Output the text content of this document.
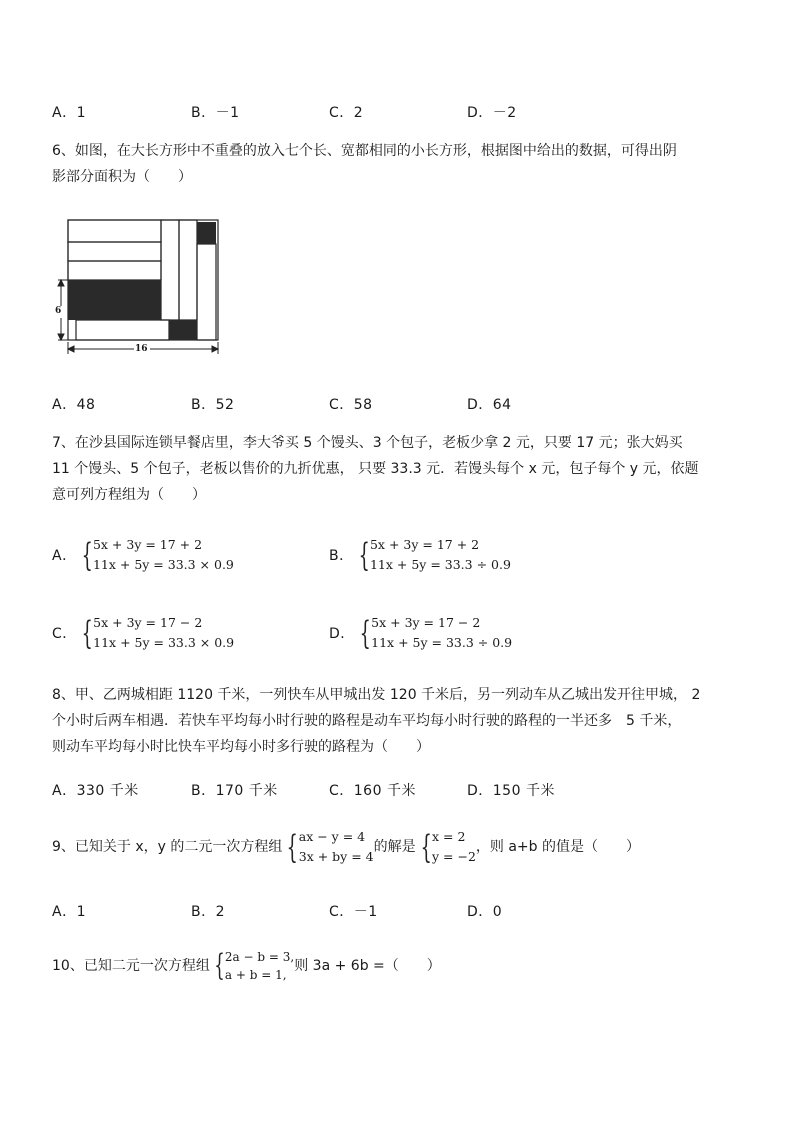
A．1	B．－1	C．2	D．－2
6、如图，在大长方形中不重叠的放入七个长、宽都相同的小长方形，根据图中给出的数据，可得出阴
影部分面积为（　　）
6
16
A．48	B．52	C．58	D．64
7、在沙县国际连锁早餐店里，李大爷买 5 个馒头、3 个包子，老板少拿 2 元，只要 17 元；张大妈买
11 个馒头、5 个包子，老板以售价的九折优惠， 只要 33.3 元．若馒头每个 x 元，包子每个 y 元，依题
意可列方程组为（　　）
A． { 5x + 3y = 17 + 2
11x + 5y = 33.3 × 0.9
B． { 5x + 3y = 17 + 2
11x + 5y = 33.3 ÷ 0.9
C． { 5x + 3y = 17 − 2
11x + 5y = 33.3 × 0.9
D． { 5x + 3y = 17 − 2
11x + 5y = 33.3 ÷ 0.9
8、甲、乙两城相距 1120 千米，一列快车从甲城出发 120 千米后，另一列动车从乙城出发开往甲城， 2
个小时后两车相遇．若快车平均每小时行驶的路程是动车平均每小时行驶的路程的一半还多　5 千米，
则动车平均每小时比快车平均每小时多行驶的路程为（　　）
A．330 千米	B．170 千米	C．160 千米	D．150 千米
9、已知关于 x，y 的二元一次方程组 { ax − y = 4
3x + by = 4
的解是 { x = 2
y = −2
，则 a+b 的值是（　　）
A．1	B．2	C．－1	D．0
10、已知二元一次方程组 { 2a − b = 3,
a + b = 1,
则 3a + 6b =（　　）
